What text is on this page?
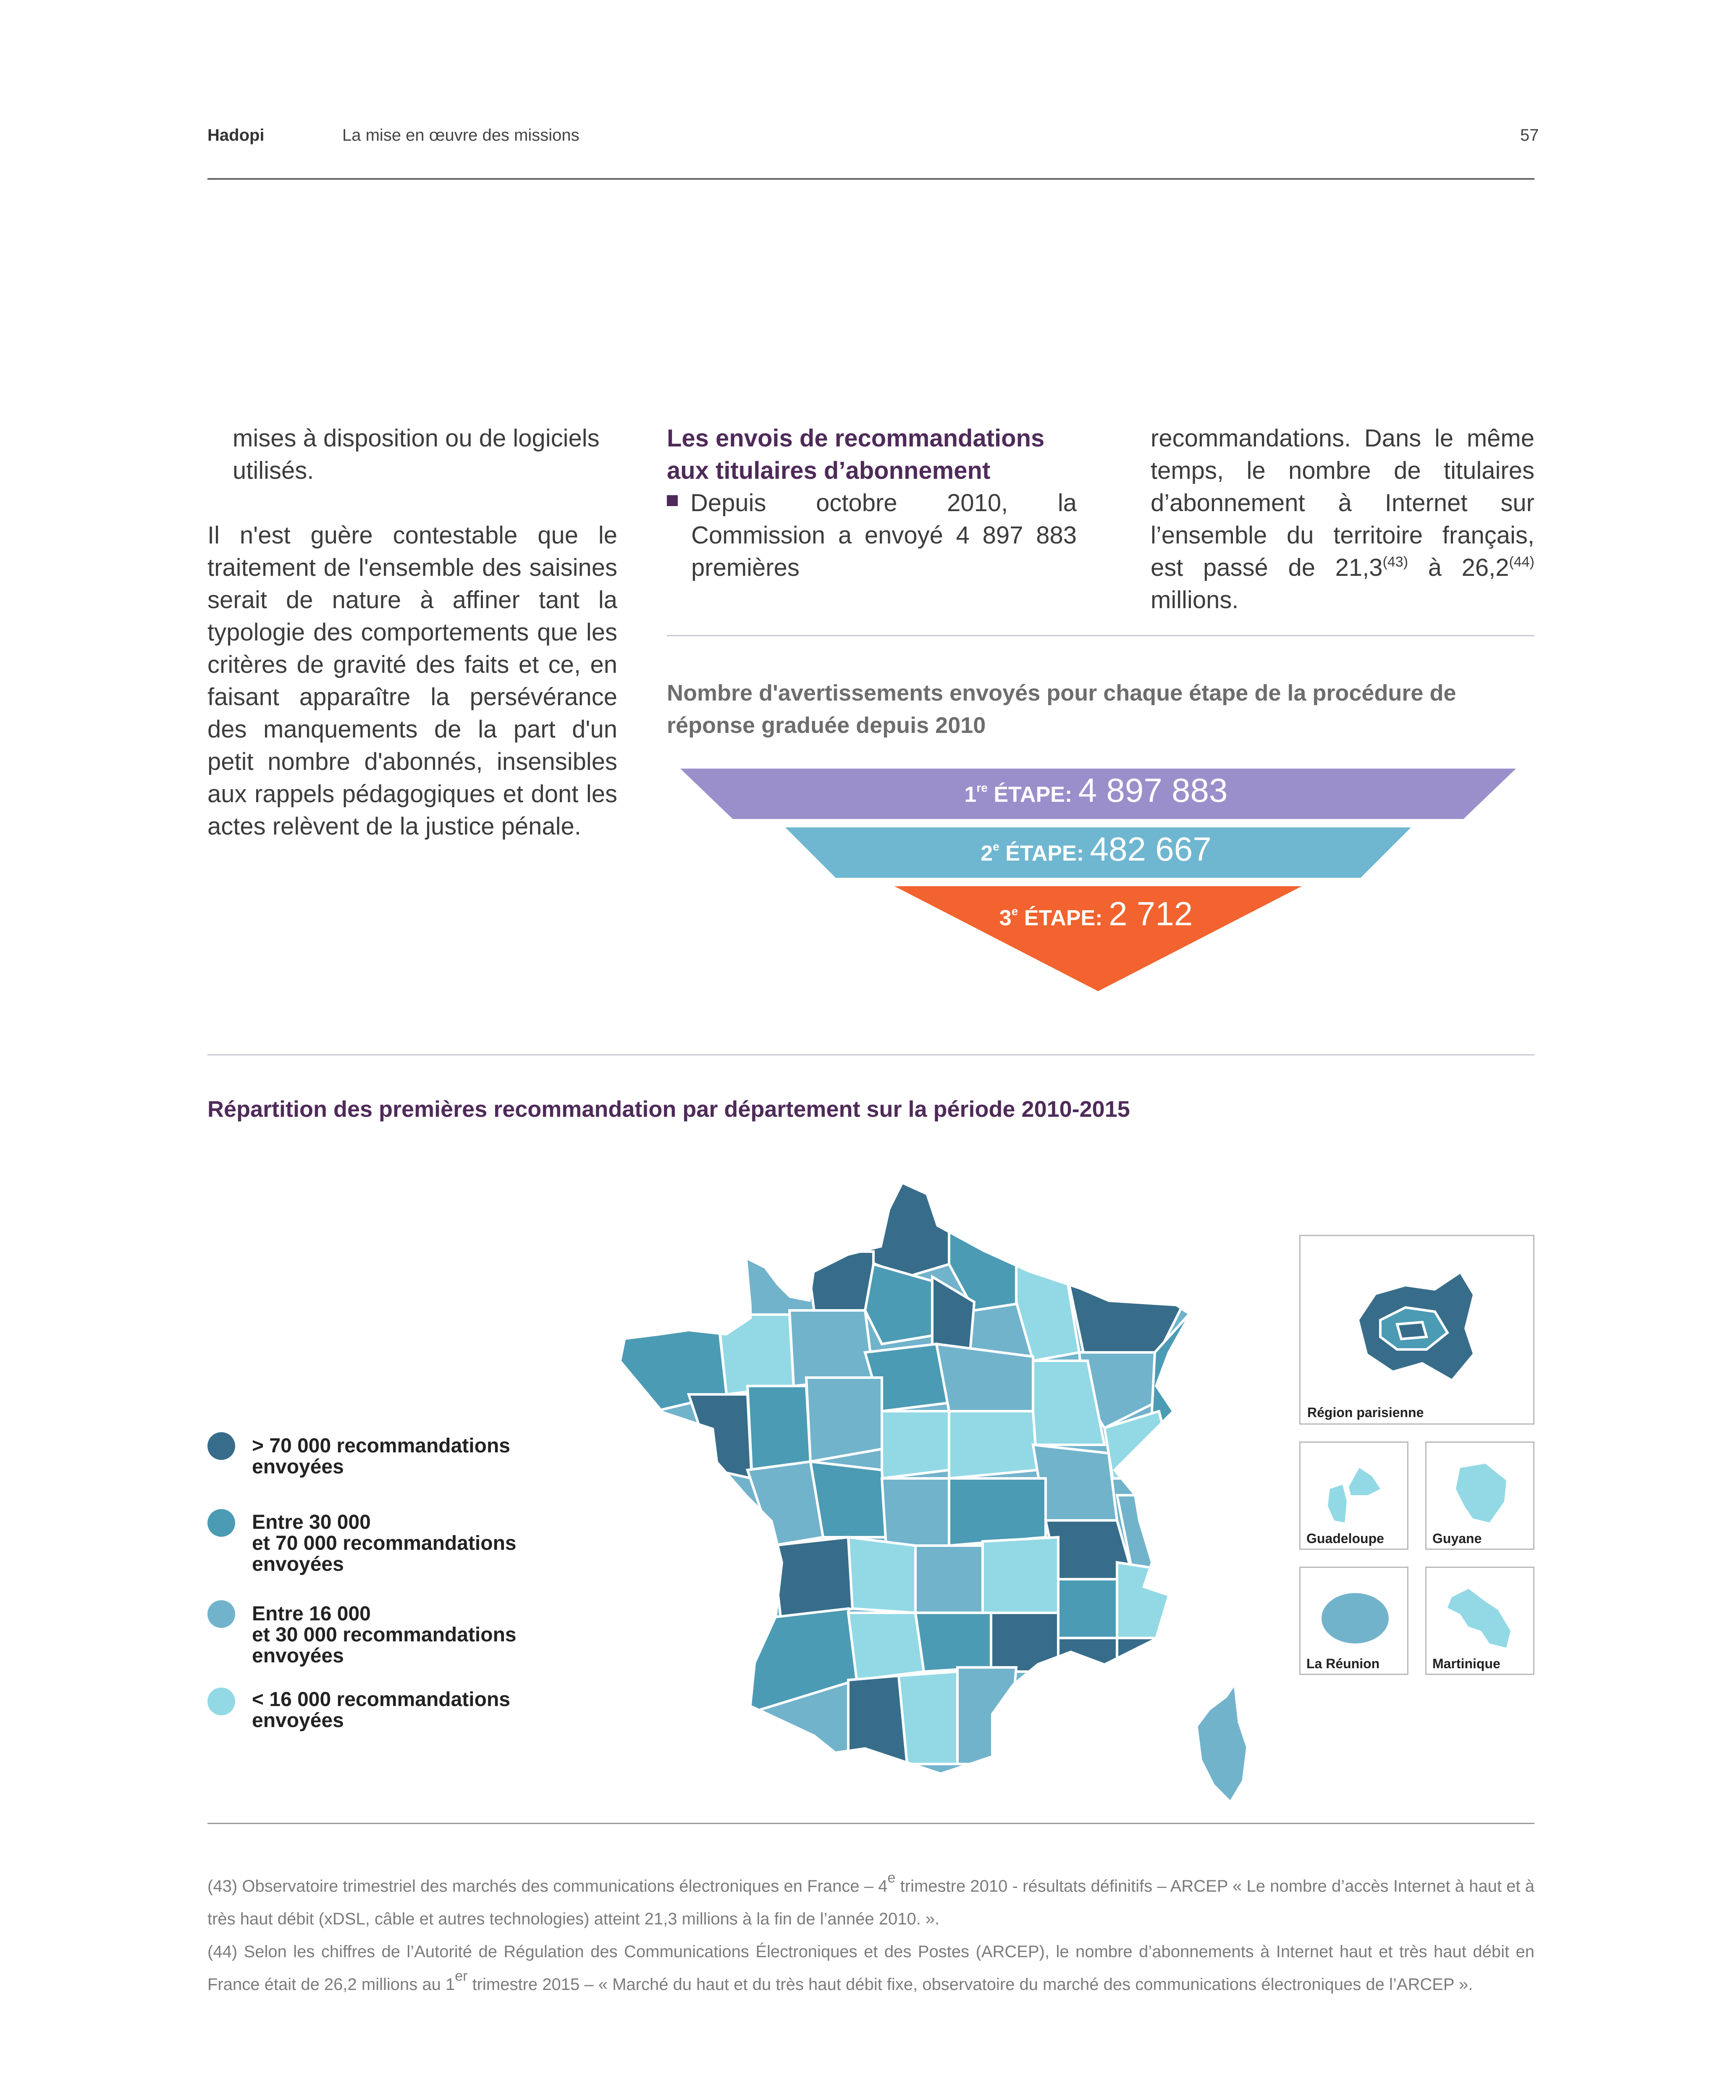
Hadopi	La mise en œuvre des missions	57

mises à disposition ou de logiciels
utilisés.

Il n'est guère contestable que le traitement de l'ensemble des saisines serait de nature à affiner tant la typologie des comportements que les critères de gravité des faits et ce, en faisant apparaître la persévérance des manquements de la part d'un petit nombre d'abonnés, insensibles aux rappels pédagogiques et dont les actes relèvent de la justice pénale.

Les envois de recommandations aux titulaires d’abonnement

Depuis octobre 2010, la Commission a envoyé 4 897 883 premières

recommandations. Dans le même temps, le nombre de titulaires d’abonnement à Internet sur l’ensemble du territoire français, est passé de 21,3$^{(43)}$ à 26,2$^{(44)}$ millions.

Nombre d'avertissements envoyés pour chaque étape de la procédure de réponse graduée depuis 2010
1re ÉTAPE: 4 897 883
2e ÉTAPE: 482 667
3e ÉTAPE: 2 712
Répartition des premières recommandation par département sur la période 2010-2015
> 70 000 recommandations
envoyées
Entre 30 000
et 70 000 recommandations
envoyées
Entre 16 000
et 30 000 recommandations
envoyées
< 16 000 recommandations
envoyées
Région parisienne
Guadeloupe	Guyane
La Réunion	Martinique

(43) Observatoire trimestriel des marchés des communications électroniques en France – 4e trimestre 2010 - résultats définitifs – ARCEP « Le nombre d’accès Internet à haut et à très haut débit (xDSL, câble et autres technologies) atteint 21,3 millions à la fin de l’année 2010. ».

(44) Selon les chiffres de l’Autorité de Régulation des Communications Électroniques et des Postes (ARCEP), le nombre d’abonnements à Internet haut et très haut débit en France était de 26,2 millions au 1er trimestre 2015 – « Marché du haut et du très haut débit fixe, observatoire du marché des communications électroniques de l’ARCEP ».
